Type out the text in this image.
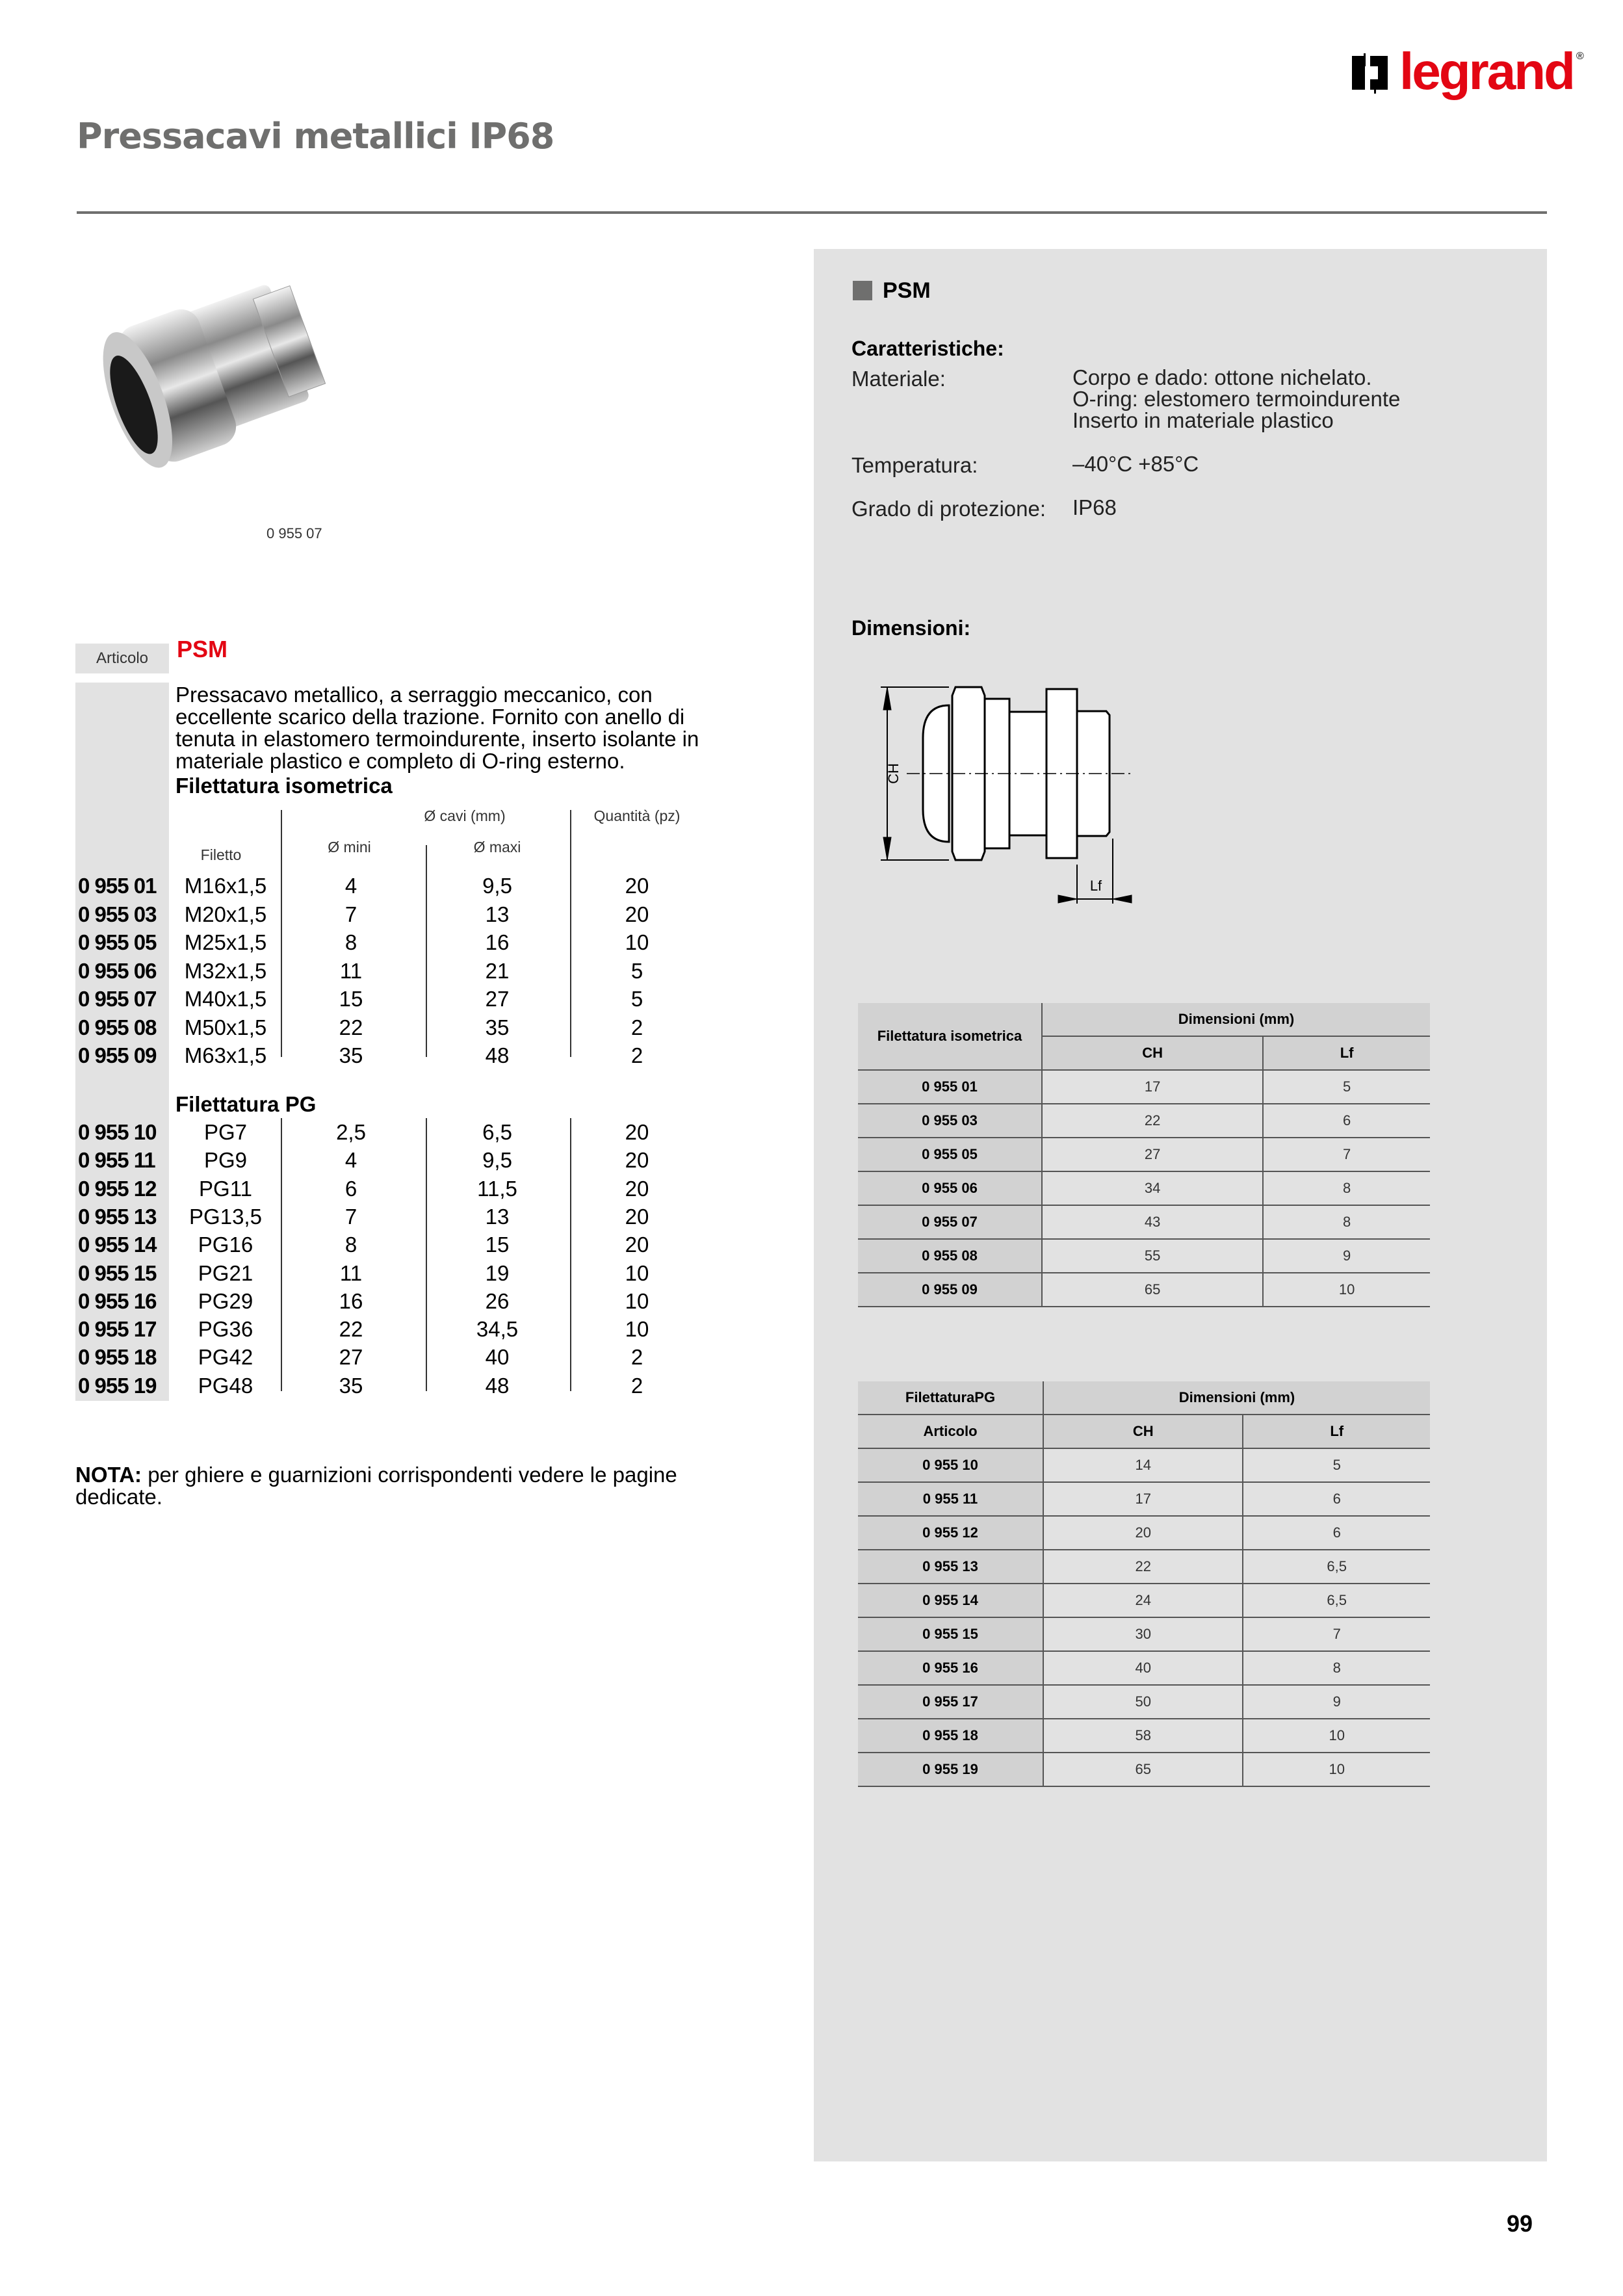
legrand ®
Pressacavi metallici IP68
0 955 07
Articolo	PSM
Pressacavo metallico, a serraggio meccanico, con eccellente scarico della trazione. Fornito con anello di tenuta in elastomero termoindurente, inserto isolante in materiale plastico e completo di O-ring esterno.
Filettatura isometrica
Ø cavi (mm)	Quantità (pz)
Filetto	Ø mini	Ø maxi
0 955 01	M16x1,5	4	9,5	20
0 955 03	M20x1,5	7	13	20
0 955 05	M25x1,5	8	16	10
0 955 06	M32x1,5	11	21	5
0 955 07	M40x1,5	15	27	5
0 955 08	M50x1,5	22	35	2
0 955 09	M63x1,5	35	48	2
Filettatura PG
0 955 10	PG7	2,5	6,5	20
0 955 11	PG9	4	9,5	20
0 955 12	PG11	6	11,5	20
0 955 13	PG13,5	7	13	20
0 955 14	PG16	8	15	20
0 955 15	PG21	11	19	10
0 955 16	PG29	16	26	10
0 955 17	PG36	22	34,5	10
0 955 18	PG42	27	40	2
0 955 19	PG48	35	48	2
NOTA: per ghiere e guarnizioni corrispondenti vedere le pagine dedicate.
PSM
Caratteristiche:
Materiale:	Corpo e dado: ottone nichelato.
O-ring: elestomero termoindurente
Inserto in materiale plastico
Temperatura:	–40°C +85°C
Grado di protezione: IP68
Dimensioni:
CH
Lf
Filettatura isometrica	Dimensioni (mm)	
	CH	Lf
0 955 01	17	5
0 955 03	22	6
0 955 05	27	7
0 955 06	34	8
0 955 07	43	8
0 955 08	55	9
0 955 09	65	10
FilettaturaPG	Dimensioni (mm)	
Articolo	CH	Lf
0 955 10	14	5
0 955 11	17	6
0 955 12	20	6
0 955 13	22	6,5
0 955 14	24	6,5
0 955 15	30	7
0 955 16	40	8
0 955 17	50	9
0 955 18	58	10
0 955 19	65	10
99
